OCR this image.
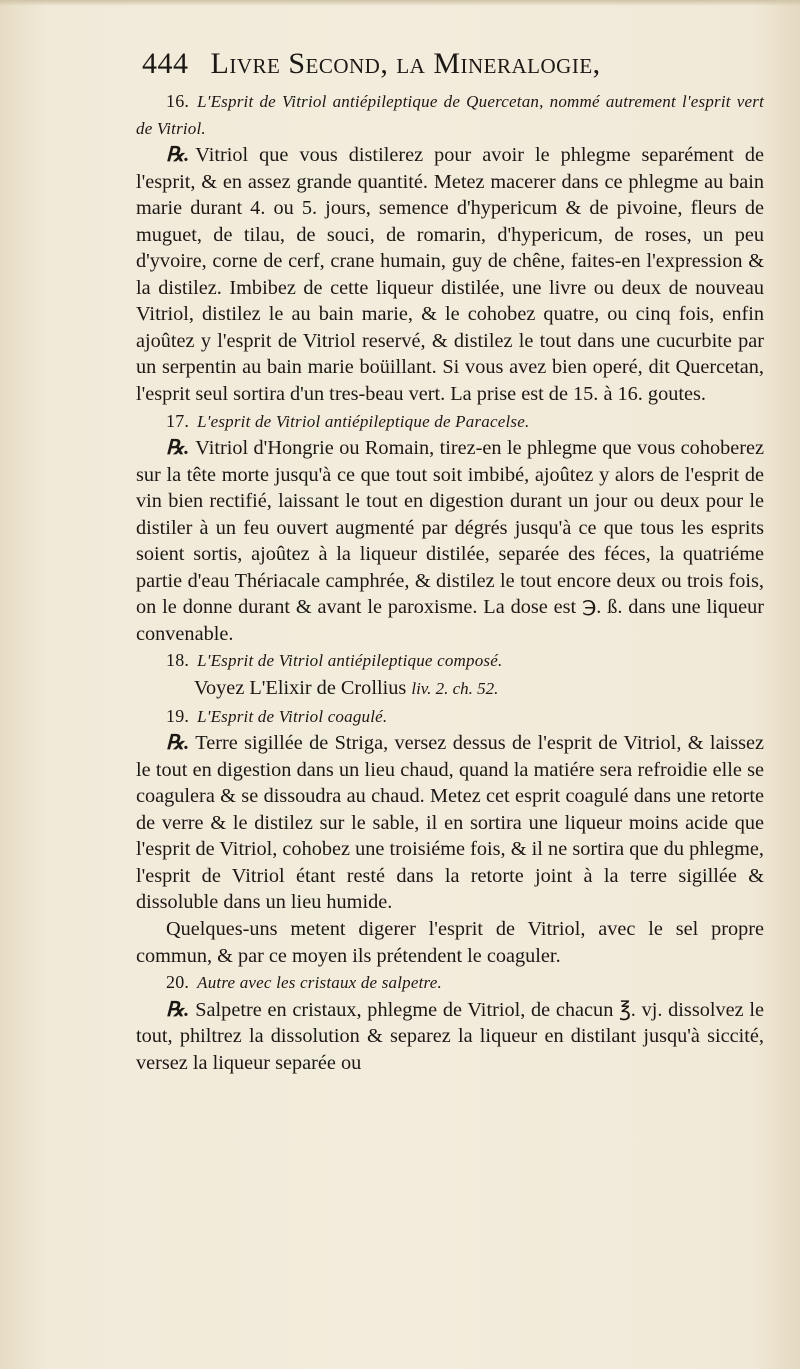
444 Livre Second, la Mineralogie,

16. L'Esprit de Vitriol antiépileptique de Quercetan, nommé autrement l'esprit vert de Vitriol.

℞. Vitriol que vous distilerez pour avoir le phlegme separément de l'esprit, & en assez grande quantité. Metez macerer dans ce phlegme au bain marie durant 4. ou 5. jours, semence d'hypericum & de pivoine, fleurs de muguet, de tilau, de souci, de romarin, d'hypericum, de roses, un peu d'yvoire, corne de cerf, crane humain, guy de chêne, faites-en l'expression & la distilez. Imbibez de cette liqueur distilée, une livre ou deux de nouveau Vitriol, distilez le au bain marie, & le cohobez quatre, ou cinq fois, enfin ajoûtez y l'esprit de Vitriol reservé, & distilez le tout dans une cucurbite par un serpentin au bain marie boüillant. Si vous avez bien operé, dit Quercetan, l'esprit seul sortira d'un tres-beau vert. La prise est de 15. à 16. goutes.

17. L'esprit de Vitriol antiépileptique de Paracelse.

℞. Vitriol d'Hongrie ou Romain, tirez-en le phlegme que vous cohoberez sur la tête morte jusqu'à ce que tout soit imbibé, ajoûtez y alors de l'esprit de vin bien rectifié, laissant le tout en digestion durant un jour ou deux pour le distiler à un feu ouvert augmenté par dégrés jusqu'à ce que tous les esprits soient sortis, ajoûtez à la liqueur distilée, separée des féces, la quatriéme partie d'eau Thériacale camphrée, & distilez le tout encore deux ou trois fois, on le donne durant & avant le paroxisme. La dose est ℈. ß. dans une liqueur convenable.

18. L'Esprit de Vitriol antiépileptique composé.

Voyez L'Elixir de Crollius liv. 2. ch. 52.

19. L'Esprit de Vitriol coagulé.

℞. Terre sigillée de Striga, versez dessus de l'esprit de Vitriol, & laissez le tout en digestion dans un lieu chaud, quand la matiére sera refroidie elle se coagulera & se dissoudra au chaud. Metez cet esprit coagulé dans une retorte de verre & le distilez sur le sable, il en sortira une liqueur moins acide que l'esprit de Vitriol, cohobez une troisiéme fois, & il ne sortira que du phlegme, l'esprit de Vitriol étant resté dans la retorte joint à la terre sigillée & dissoluble dans un lieu humide.

Quelques-uns metent digerer l'esprit de Vitriol, avec le sel propre commun, & par ce moyen ils prétendent le coaguler.

20. Autre avec les cristaux de salpetre.

℞. Salpetre en cristaux, phlegme de Vitriol, de chacun ℥. vj. dissolvez le tout, philtrez la dissolution & separez la liqueur en distilant jusqu'à siccité, versez la liqueur separée ou
